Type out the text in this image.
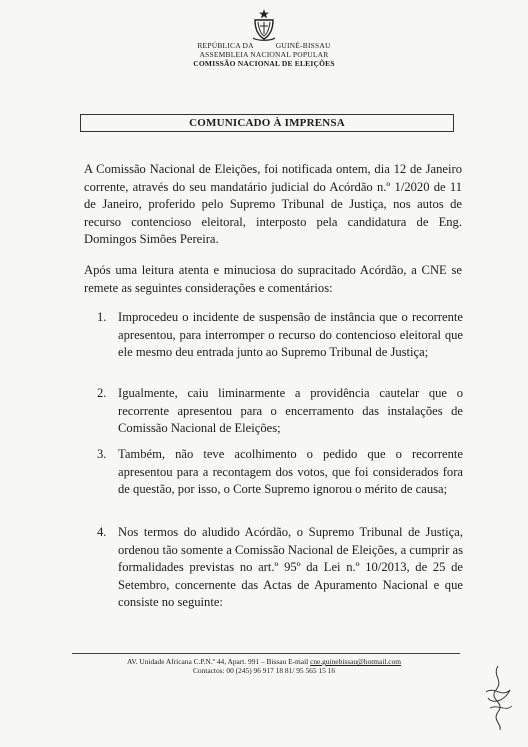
REPÚBLICA DA	GUINÉ-BISSAU
ASSEMBLEIA NACIONAL POPULAR
COMISSÃO NACIONAL DE ELEIÇÕES
COMUNICADO À IMPRENSA
A Comissão Nacional de Eleições, foi notificada ontem, dia 12 de Janeiro corrente, através do seu mandatário judicial do Acórdão n.º 1/2020 de 11 de Janeiro, proferido pelo Supremo Tribunal de Justiça, nos autos de recurso contencioso eleitoral, interposto pela candidatura de Eng. Domingos Simões Pereira.
Após uma leitura atenta e minuciosa do supracitado Acórdão, a CNE se remete as seguintes considerações e comentários:
1. Improcedeu o incidente de suspensão de instância que o recorrente apresentou, para interromper o recurso do contencioso eleitoral que ele mesmo deu entrada junto ao Supremo Tribunal de Justiça;
2. Igualmente, caiu liminarmente a providência cautelar que o recorrente apresentou para o encerramento das instalações de Comissão Nacional de Eleições;
3. Também, não teve acolhimento o pedido que o recorrente apresentou para a recontagem dos votos, que foi considerados fora de questão, por isso, o Corte Supremo ignorou o mérito de causa;
4. Nos termos do aludido Acórdão, o Supremo Tribunal de Justiça, ordenou tão somente a Comissão Nacional de Eleições, a cumprir as formalidades previstas no art.º 95º da Lei n.º 10/2013, de 25 de Setembro, concernente das Actas de Apuramento Nacional e que consiste no seguinte:
AV. Unidade Africana C.P.N.º 44, Apart. 991 – Bissau E-mail cne.guinebissau@hotmail.com
Contactos: 00 (245) 96 917 18 81/ 95 565 15 16
